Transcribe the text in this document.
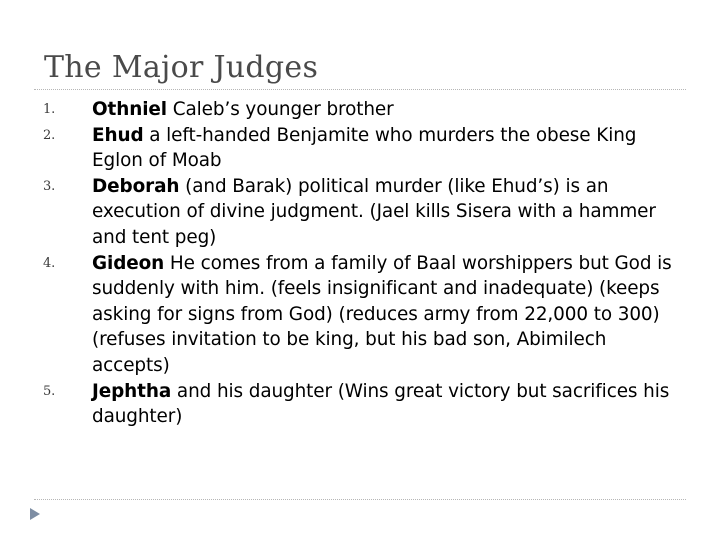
The Major Judges
1. Othniel Caleb’s younger brother
2. Ehud a left-handed Benjamite who murders the obese King Eglon of Moab
3. Deborah (and Barak) political murder (like Ehud’s) is an execution of divine judgment. (Jael kills Sisera with a hammer and tent peg)
4. Gideon He comes from a family of Baal worshippers but God is suddenly with him. (feels insignificant and inadequate) (keeps asking for signs from God) (reduces army from 22,000 to 300) (refuses invitation to be king, but his bad son, Abimilech accepts)
5. Jephtha and his daughter (Wins great victory but sacrifices his daughter)
